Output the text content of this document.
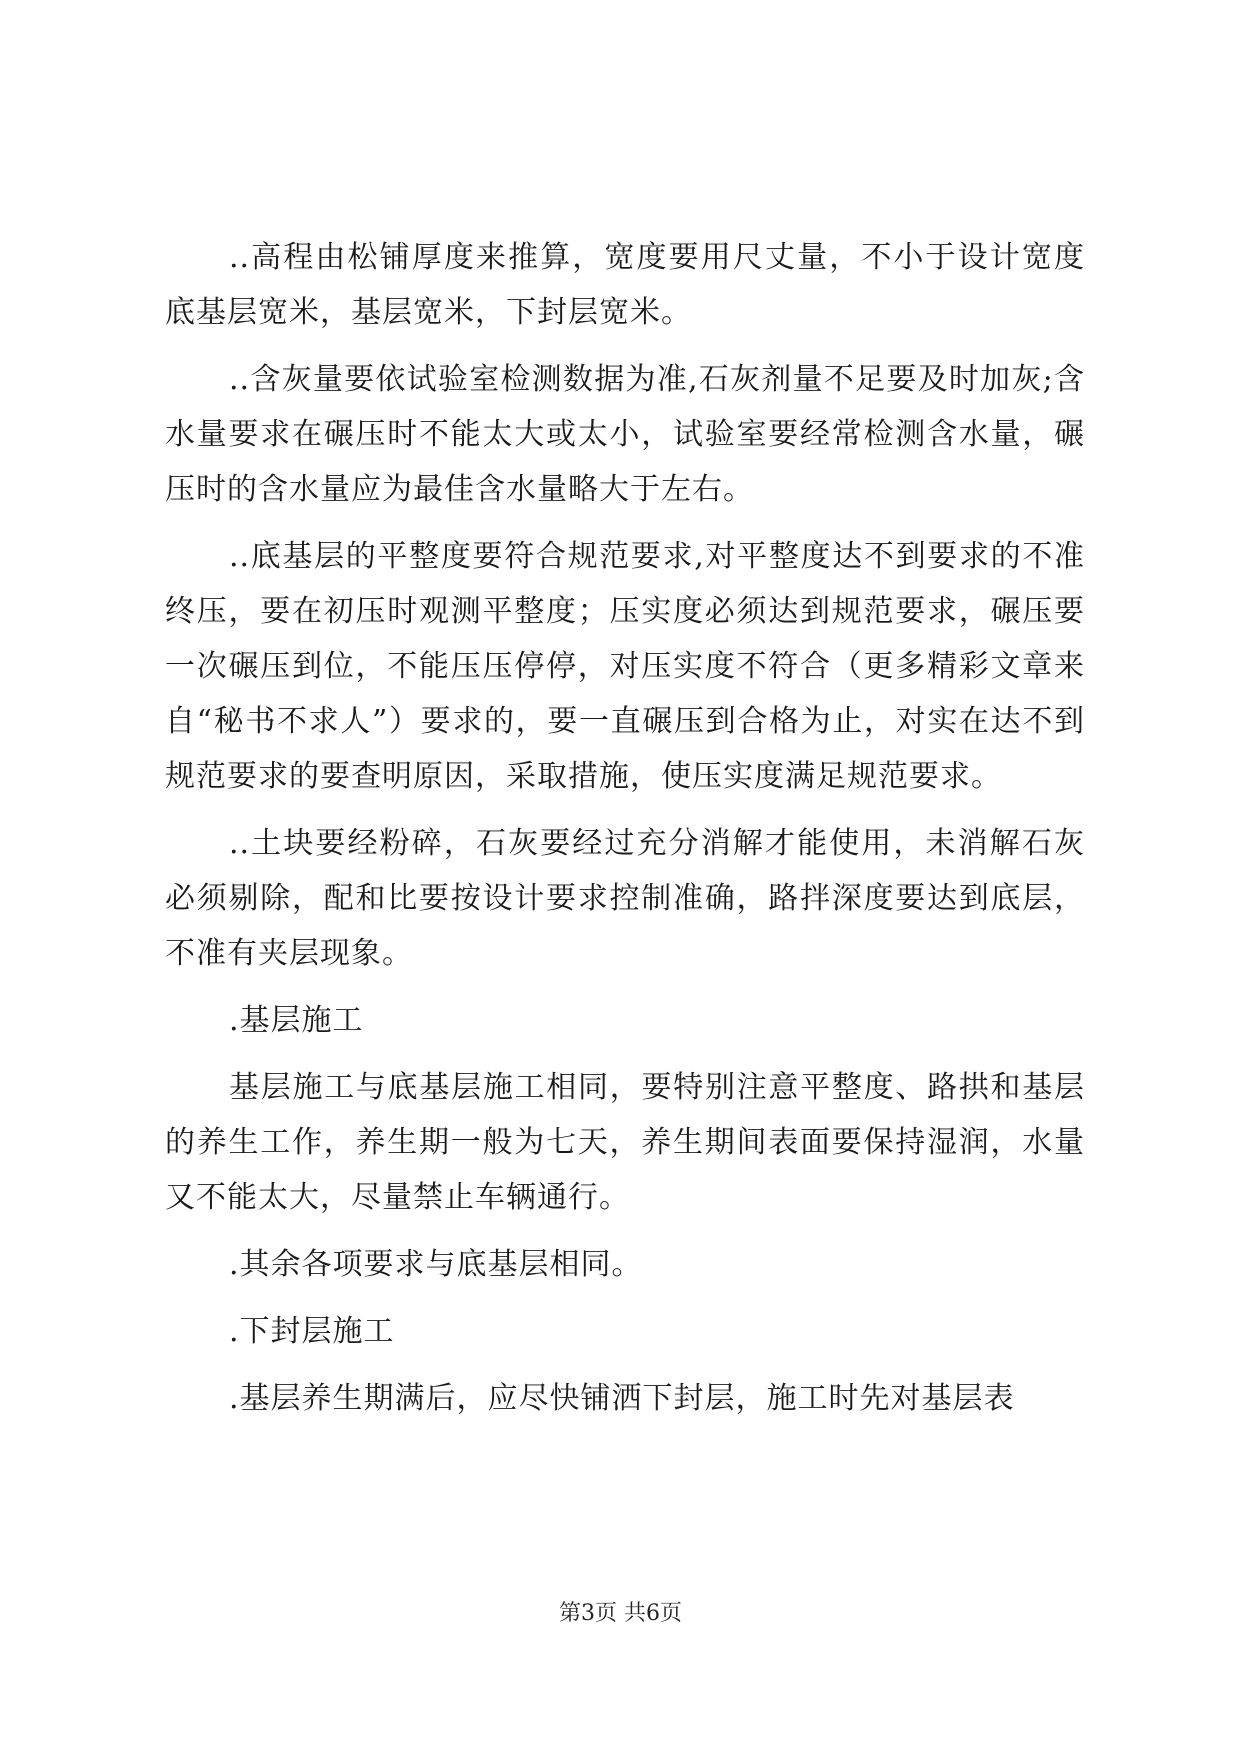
..高程由松铺厚度来推算，宽度要用尺丈量，不小于设计宽度底基层宽米，基层宽米，下封层宽米。

..含灰量要依试验室检测数据为准,石灰剂量不足要及时加灰;含水量要求在碾压时不能太大或太小，试验室要经常检测含水量，碾压时的含水量应为最佳含水量略大于左右。

..底基层的平整度要符合规范要求,对平整度达不到要求的不准终压，要在初压时观测平整度；压实度必须达到规范要求，碾压要一次碾压到位，不能压压停停，对压实度不符合（更多精彩文章来自“秘书不求人”）要求的，要一直碾压到合格为止，对实在达不到规范要求的要查明原因，采取措施，使压实度满足规范要求。

..土块要经粉碎，石灰要经过充分消解才能使用，未消解石灰必须剔除，配和比要按设计要求控制准确，路拌深度要达到底层，不准有夹层现象。

.基层施工

基层施工与底基层施工相同，要特别注意平整度、路拱和基层的养生工作，养生期一般为七天，养生期间表面要保持湿润，水量又不能太大，尽量禁止车辆通行。

.其余各项要求与底基层相同。

.下封层施工

.基层养生期满后，应尽快铺洒下封层，施工时先对基层表

第3页 共6页
